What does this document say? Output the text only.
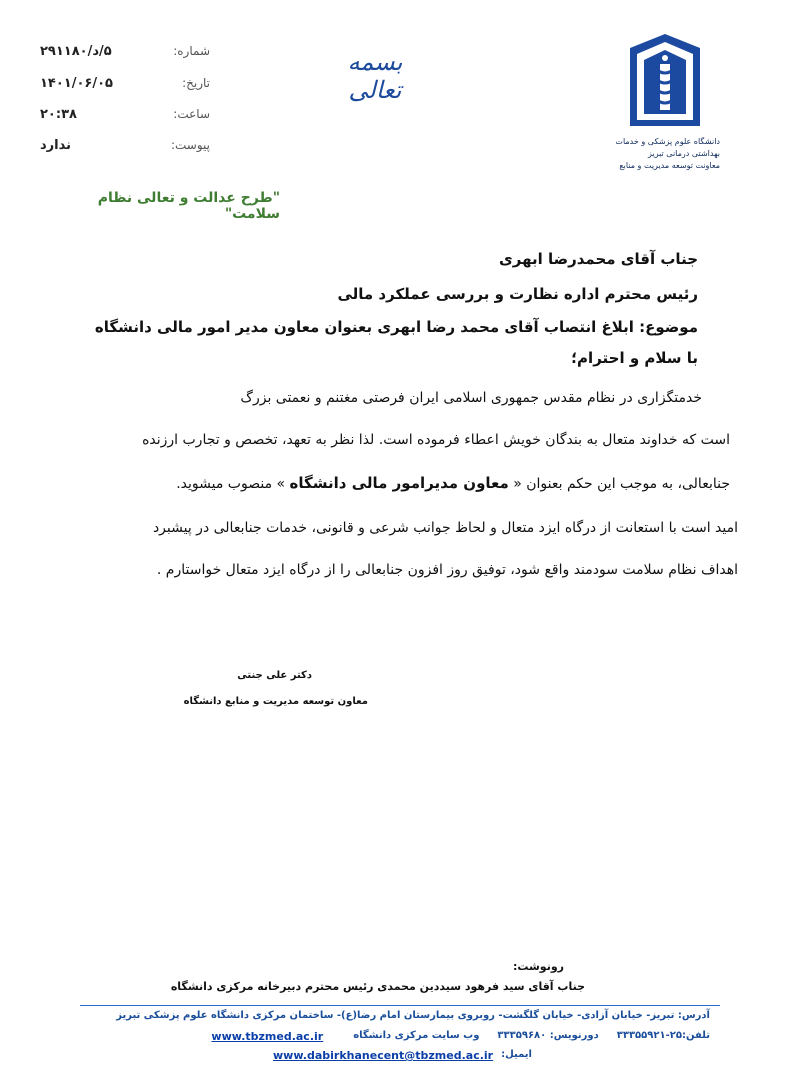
دانشگاه علوم پزشکی و خدمات بهداشتی درمانی تبریز
معاونت توسعه مدیریت و منابع
بسمه تعالی
۵/د/۲۹۱۱۸۰	شماره:
۱۴۰۱/۰۶/۰۵	تاریخ:
۲۰:۳۸	ساعت:
ندارد	پیوست:
"طرح عدالت و تعالی نظام سلامت"
جناب آقای محمدرضا ابهری
رئیس محترم اداره نظارت و بررسی عملکرد مالی
موضوع: ابلاغ انتصاب آقای محمد رضا ابهری بعنوان معاون مدیر امور مالی دانشگاه
با سلام و احترام؛
خدمتگزاری در نظام مقدس جمهوری اسلامی ایران فرصتی مغتنم و نعمتی بزرگ
است که خداوند متعال به بندگان خویش اعطاء فرموده است. لذا نظر به تعهد، تخصص و تجارب ارزنده
جنابعالی، به موجب این حکم بعنوان « معاون مدیرامور مالی دانشگاه » منصوب میشوید.
امید است با استعانت از درگاه ایزد متعال و لحاظ جوانب شرعی و قانونی، خدمات جنابعالی در پیشبرد
اهداف نظام سلامت سودمند واقع شود، توفیق روز افزون جنابعالی را از درگاه ایزد متعال خواستارم .
دکتر علی جنتی
معاون توسعه مدیریت و منابع دانشگاه
رونوشت:
جناب آقای سید فرهود سیددین محمدی رئیس محترم دبیرخانه مرکزی دانشگاه
آدرس: تبریز- خیابان آزادی- خیابان گلگشت- روبروی بیمارستان امام رضا(ع)- ساختمان مرکزی دانشگاه علوم پزشکی تبریز
تلفن:۲۵-۳۳۳۵۵۹۲۱
دورنویس: ۳۳۳۵۹۶۸۰
وب سایت مرکزی دانشگاه
www.tbzmed.ac.ir
ایمیل:
www.dabirkhanecent@tbzmed.ac.ir
